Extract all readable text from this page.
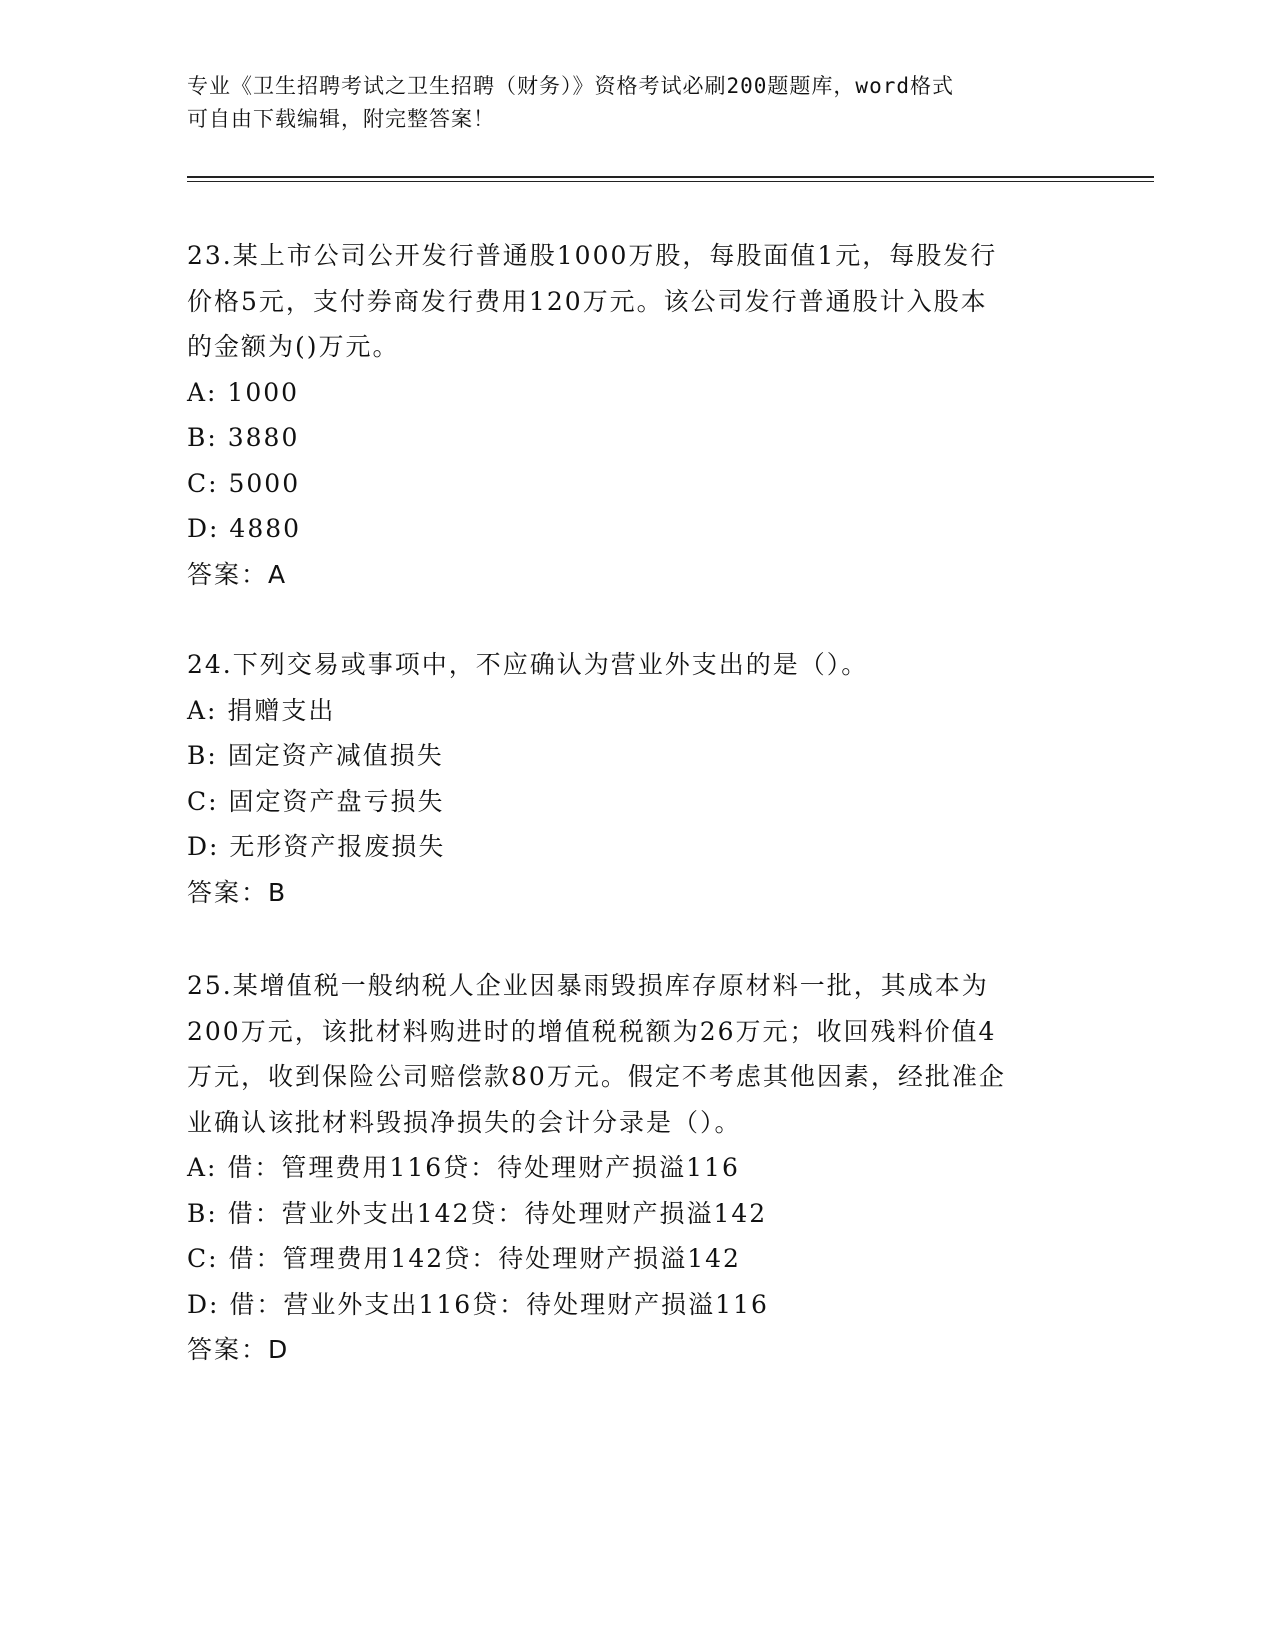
专业《卫生招聘考试之卫生招聘（财务）》资格考试必刷200题题库，word格式
可自由下载编辑，附完整答案！
23.某上市公司公开发行普通股1000万股，每股面值1元，每股发行
价格5元，支付券商发行费用120万元。该公司发行普通股计入股本
的金额为()万元。
A: 1000
B: 3880
C: 5000
D: 4880
答案：A
24.下列交易或事项中，不应确认为营业外支出的是（）。
A: 捐赠支出
B: 固定资产减值损失
C: 固定资产盘亏损失
D: 无形资产报废损失
答案：B
25.某增值税一般纳税人企业因暴雨毁损库存原材料一批，其成本为
200万元，该批材料购进时的增值税税额为26万元；收回残料价值4
万元，收到保险公司赔偿款80万元。假定不考虑其他因素，经批准企
业确认该批材料毁损净损失的会计分录是（）。
A: 借：管理费用116贷：待处理财产损溢116
B: 借：营业外支出142贷：待处理财产损溢142
C: 借：管理费用142贷：待处理财产损溢142
D: 借：营业外支出116贷：待处理财产损溢116
答案：D
